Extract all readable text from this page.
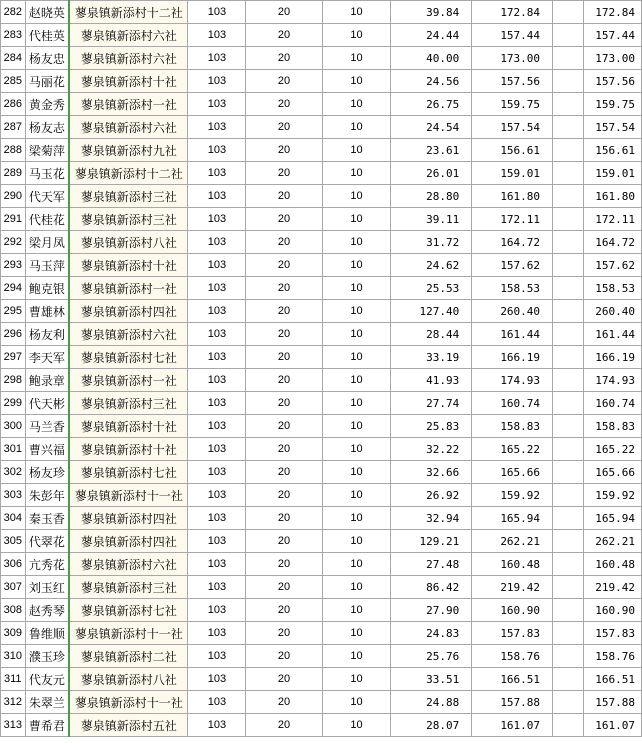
282	赵晓英	蓼泉镇新添村十二社	103	20	10	39.84	172.84		172.84
283	代桂英	蓼泉镇新添村六社	103	20	10	24.44	157.44		157.44
284	杨友忠	蓼泉镇新添村六社	103	20	10	40.00	173.00		173.00
285	马丽花	蓼泉镇新添村十社	103	20	10	24.56	157.56		157.56
286	黄金秀	蓼泉镇新添村一社	103	20	10	26.75	159.75		159.75
287	杨友志	蓼泉镇新添村六社	103	20	10	24.54	157.54		157.54
288	梁菊萍	蓼泉镇新添村九社	103	20	10	23.61	156.61		156.61
289	马玉花	蓼泉镇新添村十二社	103	20	10	26.01	159.01		159.01
290	代天军	蓼泉镇新添村三社	103	20	10	28.80	161.80		161.80
291	代桂花	蓼泉镇新添村三社	103	20	10	39.11	172.11		172.11
292	梁月凤	蓼泉镇新添村八社	103	20	10	31.72	164.72		164.72
293	马玉萍	蓼泉镇新添村十社	103	20	10	24.62	157.62		157.62
294	鲍克银	蓼泉镇新添村一社	103	20	10	25.53	158.53		158.53
295	曹雄林	蓼泉镇新添村四社	103	20	10	127.40	260.40		260.40
296	杨友利	蓼泉镇新添村六社	103	20	10	28.44	161.44		161.44
297	李天军	蓼泉镇新添村七社	103	20	10	33.19	166.19		166.19
298	鲍录章	蓼泉镇新添村一社	103	20	10	41.93	174.93		174.93
299	代天彬	蓼泉镇新添村三社	103	20	10	27.74	160.74		160.74
300	马兰香	蓼泉镇新添村十社	103	20	10	25.83	158.83		158.83
301	曹兴福	蓼泉镇新添村十社	103	20	10	32.22	165.22		165.22
302	杨友珍	蓼泉镇新添村七社	103	20	10	32.66	165.66		165.66
303	朱彭年	蓼泉镇新添村十一社	103	20	10	26.92	159.92		159.92
304	秦玉香	蓼泉镇新添村四社	103	20	10	32.94	165.94		165.94
305	代翠花	蓼泉镇新添村四社	103	20	10	129.21	262.21		262.21
306	亢秀花	蓼泉镇新添村六社	103	20	10	27.48	160.48		160.48
307	刘玉红	蓼泉镇新添村三社	103	20	10	86.42	219.42		219.42
308	赵秀琴	蓼泉镇新添村七社	103	20	10	27.90	160.90		160.90
309	鲁维顺	蓼泉镇新添村十一社	103	20	10	24.83	157.83		157.83
310	濮玉珍	蓼泉镇新添村二社	103	20	10	25.76	158.76		158.76
311	代友元	蓼泉镇新添村八社	103	20	10	33.51	166.51		166.51
312	朱翠兰	蓼泉镇新添村十一社	103	20	10	24.88	157.88		157.88
313	曹希君	蓼泉镇新添村五社	103	20	10	28.07	161.07		161.07
